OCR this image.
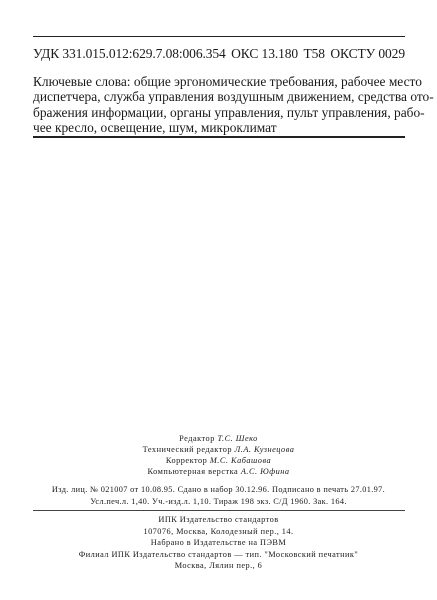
УДК 331.015.012:629.7.08:006.354 ОКС 13.180 Т58 ОКСТУ 0029
Ключевые слова: общие эргономические требования, рабочее место
диспетчера, служба управления воздушным движением, средства ото-
бражения информации, органы управления, пульт управления, рабо-
чее кресло, освещение, шум, микроклимат
Редактор Т.С. Шеко
Технический редактор Л.А. Кузнецова
Корректор М.С. Кабашова
Компьютерная верстка А.С. Юфина
Изд. лиц. № 021007 от 10.08.95. Сдано в набор 30.12.96. Подписано в печать 27.01.97.
Усл.печ.л. 1,40. Уч.-изд.л. 1,10. Тираж 198 экз. С/Д 1960. Зак. 164.
ИПК Издательство стандартов
107076, Москва, Колодезный пер., 14.
Набрано в Издательстве на ПЭВМ
Филиал ИПК Издательство стандартов — тип. "Московский печатник"
Москва, Лялин пер., 6
